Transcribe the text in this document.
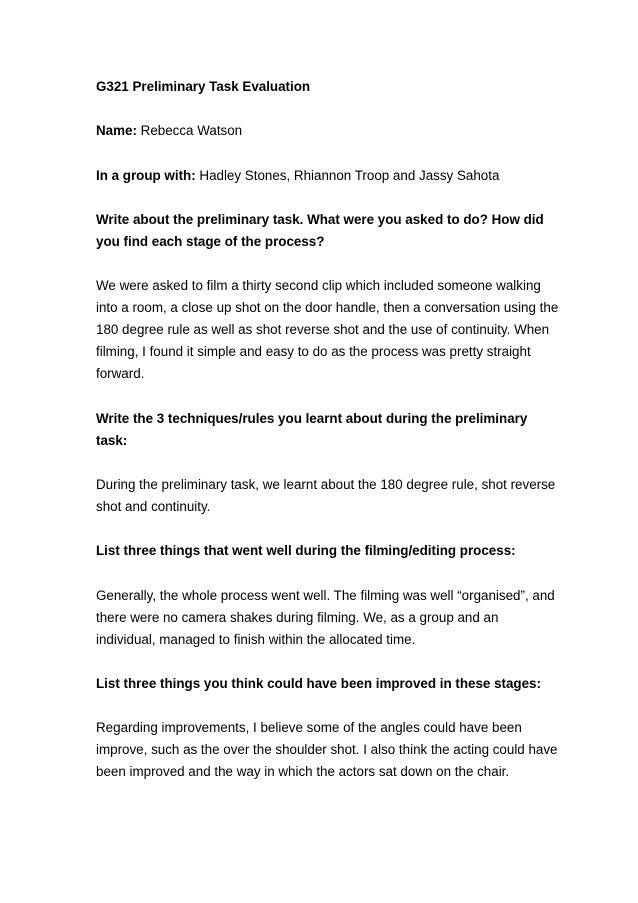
G321 Preliminary Task Evaluation
Name: Rebecca Watson
In a group with: Hadley Stones, Rhiannon Troop and Jassy Sahota
Write about the preliminary task. What were you asked to do? How did
you find each stage of the process?
We were asked to film a thirty second clip which included someone walking
into a room, a close up shot on the door handle, then a conversation using the
180 degree rule as well as shot reverse shot and the use of continuity. When
filming, I found it simple and easy to do as the process was pretty straight
forward.
Write the 3 techniques/rules you learnt about during the preliminary
task:
During the preliminary task, we learnt about the 180 degree rule, shot reverse
shot and continuity.
List three things that went well during the filming/editing process:
Generally, the whole process went well. The filming was well “organised”, and
there were no camera shakes during filming. We, as a group and an
individual, managed to finish within the allocated time.
List three things you think could have been improved in these stages:
Regarding improvements, I believe some of the angles could have been
improve, such as the over the shoulder shot. I also think the acting could have
been improved and the way in which the actors sat down on the chair.
